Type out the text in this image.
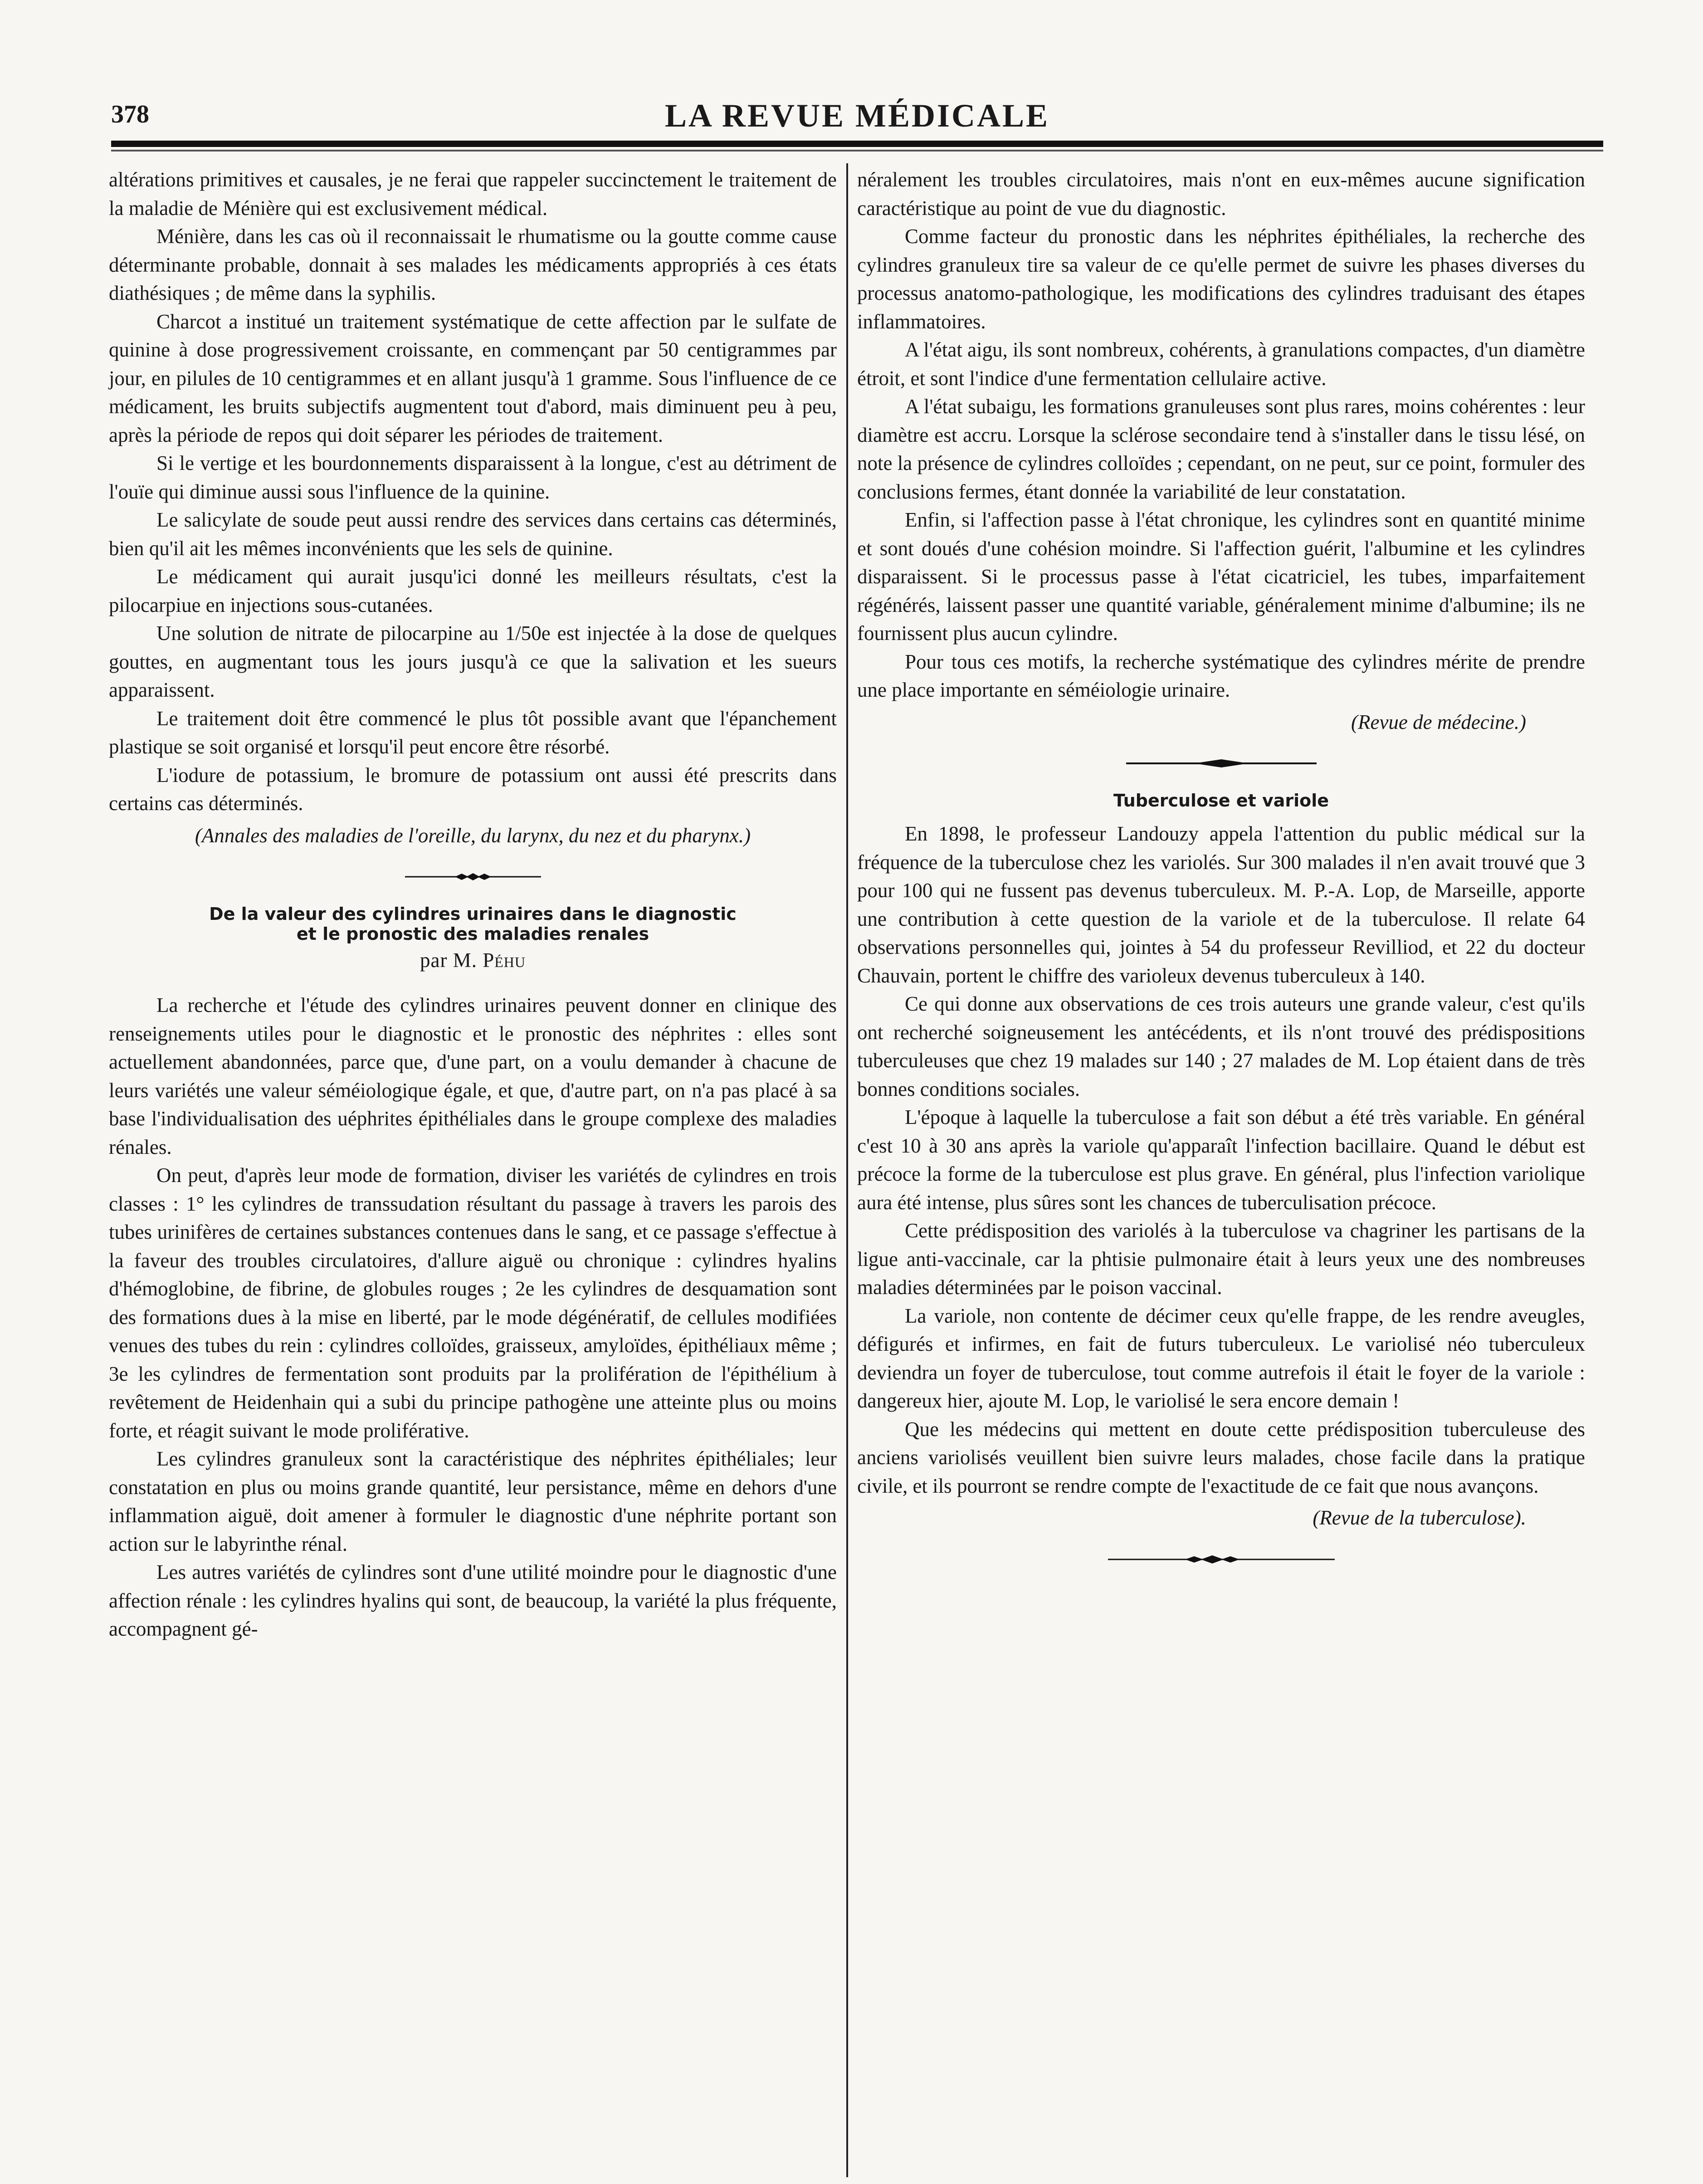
378	LA REVUE MÉDICALE

altérations primitives et causales, je ne ferai que rappeler succinctement le traitement de la maladie de Ménière qui est exclusivement médical.

Ménière, dans les cas où il reconnaissait le rhumatisme ou la goutte comme cause déterminante probable, donnait à ses malades les médicaments appropriés à ces états diathésiques ; de même dans la syphilis.

Charcot a institué un traitement systématique de cette affection par le sulfate de quinine à dose progressivement croissante, en commençant par 50 centigrammes par jour, en pilules de 10 centigrammes et en allant jusqu'à 1 gramme. Sous l'influence de ce médicament, les bruits subjectifs augmentent tout d'abord, mais diminuent peu à peu, après la période de repos qui doit séparer les périodes de traitement.

Si le vertige et les bourdonnements disparaissent à la longue, c'est au détriment de l'ouïe qui diminue aussi sous l'influence de la quinine.

Le salicylate de soude peut aussi rendre des services dans certains cas déterminés, bien qu'il ait les mêmes inconvénients que les sels de quinine.

Le médicament qui aurait jusqu'ici donné les meilleurs résultats, c'est la pilocarpiue en injections sous-cutanées.

Une solution de nitrate de pilocarpine au 1/50e est injectée à la dose de quelques gouttes, en augmentant tous les jours jusqu'à ce que la salivation et les sueurs apparaissent.

Le traitement doit être commencé le plus tôt possible avant que l'épanchement plastique se soit organisé et lorsqu'il peut encore être résorbé.

L'iodure de potassium, le bromure de potassium ont aussi été prescrits dans certains cas déterminés.

(Annales des maladies de l'oreille, du larynx, du nez et du pharynx.)
De la valeur des cylindres urinaires dans le diagnostic
et le pronostic des maladies renales
par M. Péhu

La recherche et l'étude des cylindres urinaires peuvent donner en clinique des renseignements utiles pour le diagnostic et le pronostic des néphrites : elles sont actuellement abandonnées, parce que, d'une part, on a voulu demander à chacune de leurs variétés une valeur séméiologique égale, et que, d'autre part, on n'a pas placé à sa base l'individualisation des uéphrites épithéliales dans le groupe complexe des maladies rénales.

On peut, d'après leur mode de formation, diviser les variétés de cylindres en trois classes : 1° les cylindres de transsudation résultant du passage à travers les parois des tubes urinifères de certaines substances contenues dans le sang, et ce passage s'effectue à la faveur des troubles circulatoires, d'allure aiguë ou chronique : cylindres hyalins d'hémoglobine, de fibrine, de globules rouges ; 2e les cylindres de desquamation sont des formations dues à la mise en liberté, par le mode dégénératif, de cellules modifiées venues des tubes du rein : cylindres colloïdes, graisseux, amyloïdes, épithéliaux même ; 3e les cylindres de fermentation sont produits par la prolifération de l'épithélium à revêtement de Heidenhain qui a subi du principe pathogène une atteinte plus ou moins forte, et réagit suivant le mode proliférative.

Les cylindres granuleux sont la caractéristique des néphrites épithéliales; leur constatation en plus ou moins grande quantité, leur persistance, même en dehors d'une inflammation aiguë, doit amener à formuler le diagnostic d'une néphrite portant son action sur le labyrinthe rénal.

Les autres variétés de cylindres sont d'une utilité moindre pour le diagnostic d'une affection rénale : les cylindres hyalins qui sont, de beaucoup, la variété la plus fréquente, accompagnent gé-

néralement les troubles circulatoires, mais n'ont en eux-mêmes aucune signification caractéristique au point de vue du diagnostic.

Comme facteur du pronostic dans les néphrites épithéliales, la recherche des cylindres granuleux tire sa valeur de ce qu'elle permet de suivre les phases diverses du processus anatomo-pathologique, les modifications des cylindres traduisant des étapes inflammatoires.

A l'état aigu, ils sont nombreux, cohérents, à granulations compactes, d'un diamètre étroit, et sont l'indice d'une fermentation cellulaire active.

A l'état subaigu, les formations granuleuses sont plus rares, moins cohérentes : leur diamètre est accru. Lorsque la sclérose secondaire tend à s'installer dans le tissu lésé, on note la présence de cylindres colloïdes ; cependant, on ne peut, sur ce point, formuler des conclusions fermes, étant donnée la variabilité de leur constatation.

Enfin, si l'affection passe à l'état chronique, les cylindres sont en quantité minime et sont doués d'une cohésion moindre. Si l'affection guérit, l'albumine et les cylindres disparaissent. Si le processus passe à l'état cicatriciel, les tubes, imparfaitement régénérés, laissent passer une quantité variable, généralement minime d'albumine; ils ne fournissent plus aucun cylindre.

Pour tous ces motifs, la recherche systématique des cylindres mérite de prendre une place importante en séméiologie urinaire.

(Revue de médecine.)
Tuberculose et variole

En 1898, le professeur Landouzy appela l'attention du public médical sur la fréquence de la tuberculose chez les variolés. Sur 300 malades il n'en avait trouvé que 3 pour 100 qui ne fussent pas devenus tuberculeux. M. P.-A. Lop, de Marseille, apporte une contribution à cette question de la variole et de la tuberculose. Il relate 64 observations personnelles qui, jointes à 54 du professeur Revilliod, et 22 du docteur Chauvain, portent le chiffre des varioleux devenus tuberculeux à 140.

Ce qui donne aux observations de ces trois auteurs une grande valeur, c'est qu'ils ont recherché soigneusement les antécédents, et ils n'ont trouvé des prédispositions tuberculeuses que chez 19 malades sur 140 ; 27 malades de M. Lop étaient dans de très bonnes conditions sociales.

L'époque à laquelle la tuberculose a fait son début a été très variable. En général c'est 10 à 30 ans après la variole qu'apparaît l'infection bacillaire. Quand le début est précoce la forme de la tuberculose est plus grave. En général, plus l'infection variolique aura été intense, plus sûres sont les chances de tuberculisation précoce.

Cette prédisposition des variolés à la tuberculose va chagriner les partisans de la ligue anti-vaccinale, car la phtisie pulmonaire était à leurs yeux une des nombreuses maladies déterminées par le poison vaccinal.

La variole, non contente de décimer ceux qu'elle frappe, de les rendre aveugles, défigurés et infirmes, en fait de futurs tuberculeux. Le variolisé néo tuberculeux deviendra un foyer de tuberculose, tout comme autrefois il était le foyer de la variole : dangereux hier, ajoute M. Lop, le variolisé le sera encore demain !

Que les médecins qui mettent en doute cette prédisposition tuberculeuse des anciens variolisés veuillent bien suivre leurs malades, chose facile dans la pratique civile, et ils pourront se rendre compte de l'exactitude de ce fait que nous avançons.

(Revue de la tuberculose).
